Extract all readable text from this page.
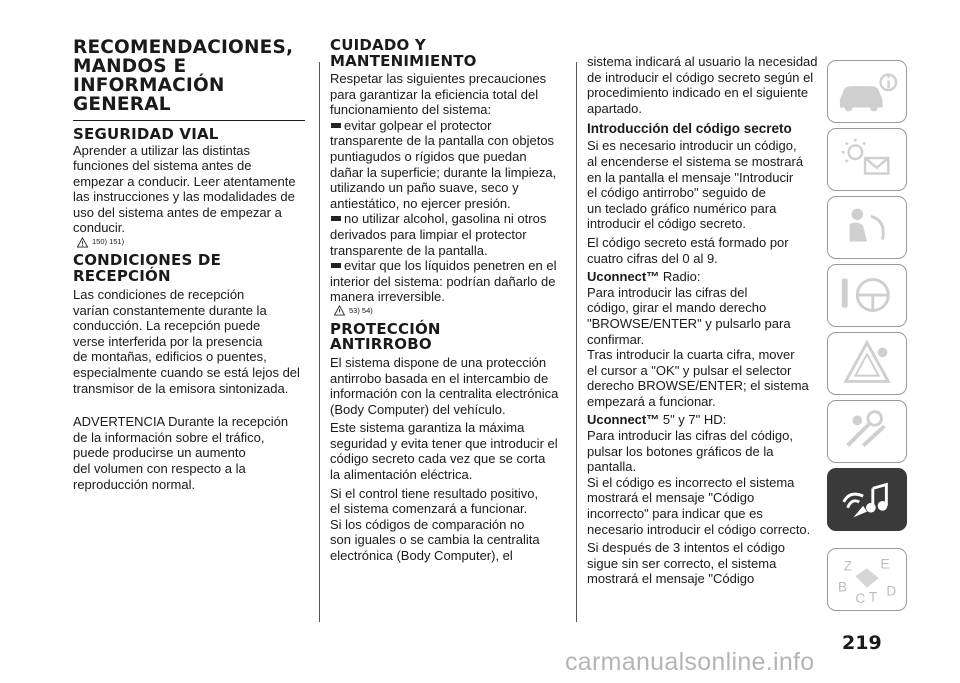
RECOMENDACIONES,
MANDOS E
INFORMACIÓN
GENERAL
SEGURIDAD VIAL

Aprender a utilizar las distintas
funciones del sistema antes de
empezar a conducir. Leer atentamente
las instrucciones y las modalidades de
uso del sistema antes de empezar a
conducir.

150) 151)
CONDICIONES DE
RECEPCIÓN

Las condiciones de recepción
varían constantemente durante la
conducción. La recepción puede
verse interferida por la presencia
de montañas, edificios o puentes,
especialmente cuando se está lejos del
transmisor de la emisora sintonizada.

ADVERTENCIA Durante la recepción
de la información sobre el tráfico,
puede producirse un aumento
del volumen con respecto a la
reproducción normal.

CUIDADO Y
MANTENIMIENTO

Respetar las siguientes precauciones
para garantizar la eficiencia total del
funcionamiento del sistema:

evitar golpear el protector
transparente de la pantalla con objetos
puntiagudos o rígidos que puedan
dañar la superficie; durante la limpieza,
utilizando un paño suave, seco y
antiestático, no ejercer presión.

no utilizar alcohol, gasolina ni otros
derivados para limpiar el protector
transparente de la pantalla.

evitar que los líquidos penetren en el
interior del sistema: podrían dañarlo de
manera irreversible.

53) 54)
PROTECCIÓN
ANTIRROBO

El sistema dispone de una protección
antirrobo basada en el intercambio de
información con la centralita electrónica
(Body Computer) del vehículo.

Este sistema garantiza la máxima
seguridad y evita tener que introducir el
código secreto cada vez que se corta
la alimentación eléctrica.

Si el control tiene resultado positivo,
el sistema comenzará a funcionar.
Si los códigos de comparación no
son iguales o se cambia la centralita
electrónica (Body Computer), el

sistema indicará al usuario la necesidad
de introducir el código secreto según el
procedimiento indicado en el siguiente
apartado.

Introducción del código secreto

Si es necesario introducir un código,
al encenderse el sistema se mostrará
en la pantalla el mensaje "Introducir
el código antirrobo" seguido de
un teclado gráfico numérico para
introducir el código secreto.

El código secreto está formado por
cuatro cifras del 0 al 9.

Uconnect™ Radio:

Para introducir las cifras del
código, girar el mando derecho
"BROWSE/ENTER" y pulsarlo para
confirmar.

Tras introducir la cuarta cifra, mover
el cursor a "OK" y pulsar el selector
derecho BROWSE/ENTER; el sistema
empezará a funcionar.

Uconnect™ 5" y 7" HD:

Para introducir las cifras del código,
pulsar los botones gráficos de la
pantalla.

Si el código es incorrecto el sistema
mostrará el mensaje "Código
incorrecto" para indicar que es
necesario introducir el código correcto.

Si después de 3 intentos el código
sigue sin ser correcto, el sistema
mostrará el mensaje "Código

Z E
B
C T D
219
carmanualsonline.info
